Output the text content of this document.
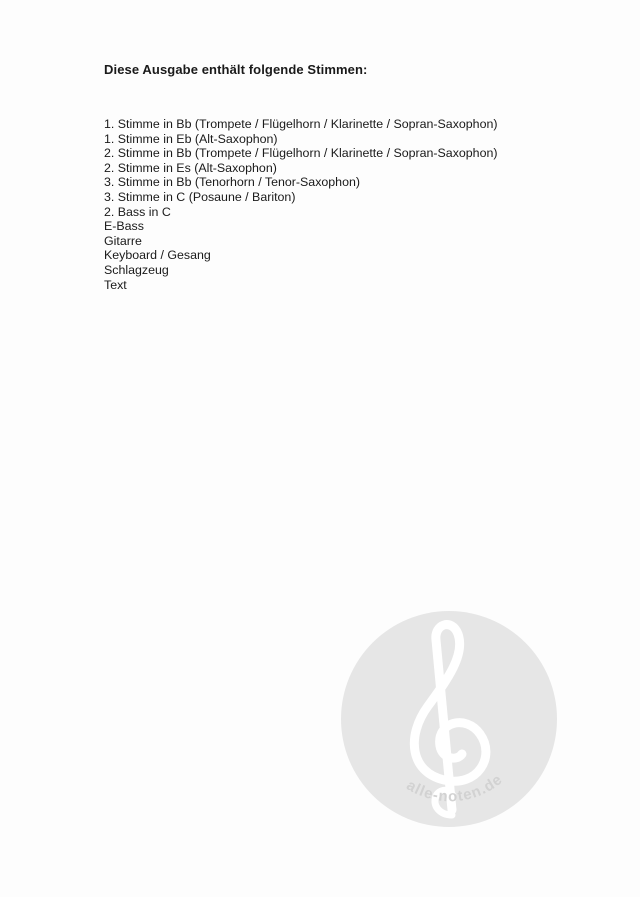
Diese Ausgabe enthält folgende Stimmen:
1. Stimme in Bb (Trompete / Flügelhorn / Klarinette / Sopran-Saxophon)
1. Stimme in Eb (Alt-Saxophon)
2. Stimme in Bb (Trompete / Flügelhorn / Klarinette / Sopran-Saxophon)
2. Stimme in Es (Alt-Saxophon)
3. Stimme in Bb (Tenorhorn / Tenor-Saxophon)
3. Stimme in C (Posaune / Bariton)
2. Bass in C
E-Bass
Gitarre
Keyboard / Gesang
Schlagzeug
Text
alle-noten.de
